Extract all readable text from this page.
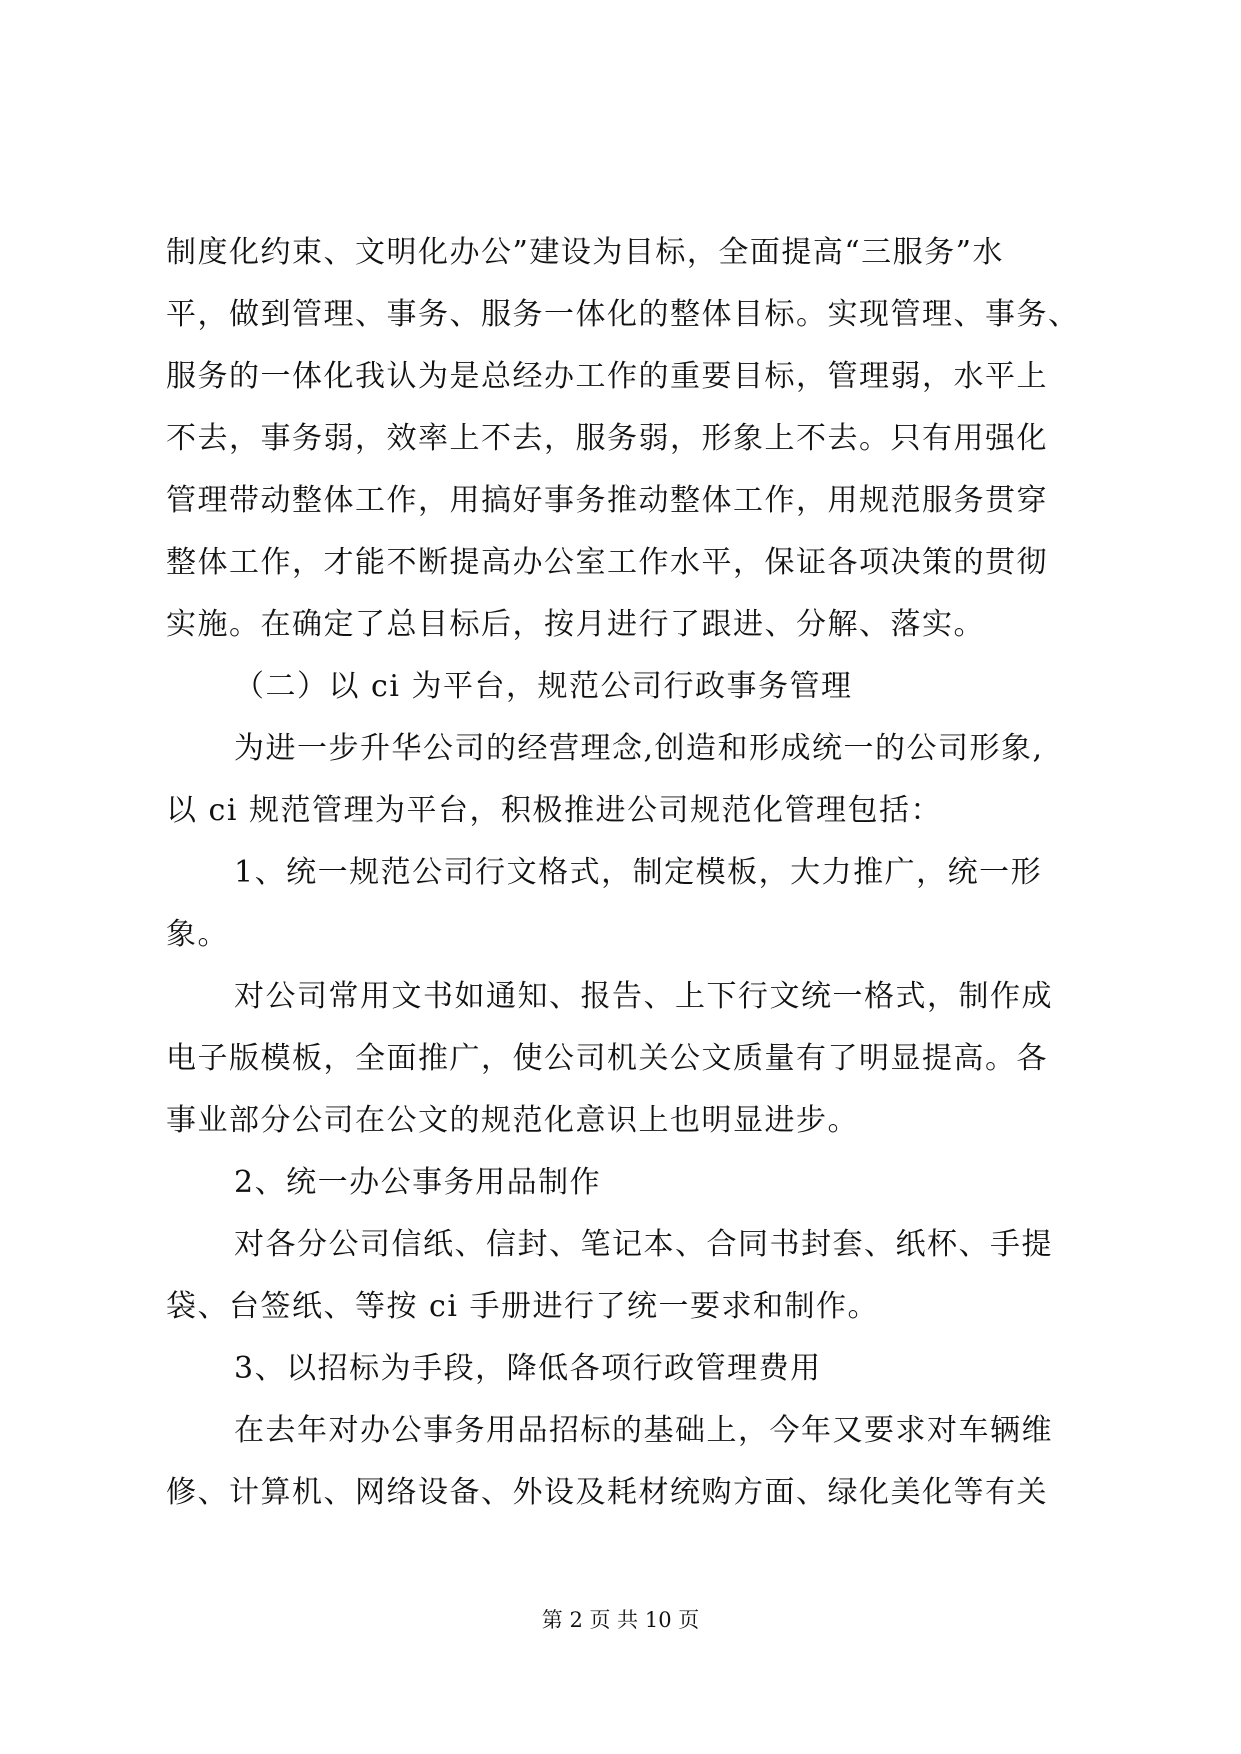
制度化约束、文明化办公”建设为目标，全面提高“三服务”水
平，做到管理、事务、服务一体化的整体目标。实现管理、事务、
服务的一体化我认为是总经办工作的重要目标，管理弱，水平上
不去，事务弱，效率上不去，服务弱，形象上不去。只有用强化
管理带动整体工作，用搞好事务推动整体工作，用规范服务贯穿
整体工作，才能不断提高办公室工作水平，保证各项决策的贯彻
实施。在确定了总目标后，按月进行了跟进、分解、落实。
（二）以 ci 为平台，规范公司行政事务管理
为进一步升华公司的经营理念,创造和形成统一的公司形象,
以 ci 规范管理为平台，积极推进公司规范化管理包括：
1、统一规范公司行文格式，制定模板，大力推广，统一形
象。
对公司常用文书如通知、报告、上下行文统一格式，制作成
电子版模板，全面推广，使公司机关公文质量有了明显提高。各
事业部分公司在公文的规范化意识上也明显进步。
2、统一办公事务用品制作
对各分公司信纸、信封、笔记本、合同书封套、纸杯、手提
袋、台签纸、等按 ci 手册进行了统一要求和制作。
3、以招标为手段，降低各项行政管理费用
在去年对办公事务用品招标的基础上，今年又要求对车辆维
修、计算机、网络设备、外设及耗材统购方面、绿化美化等有关
第 2 页 共 10 页
